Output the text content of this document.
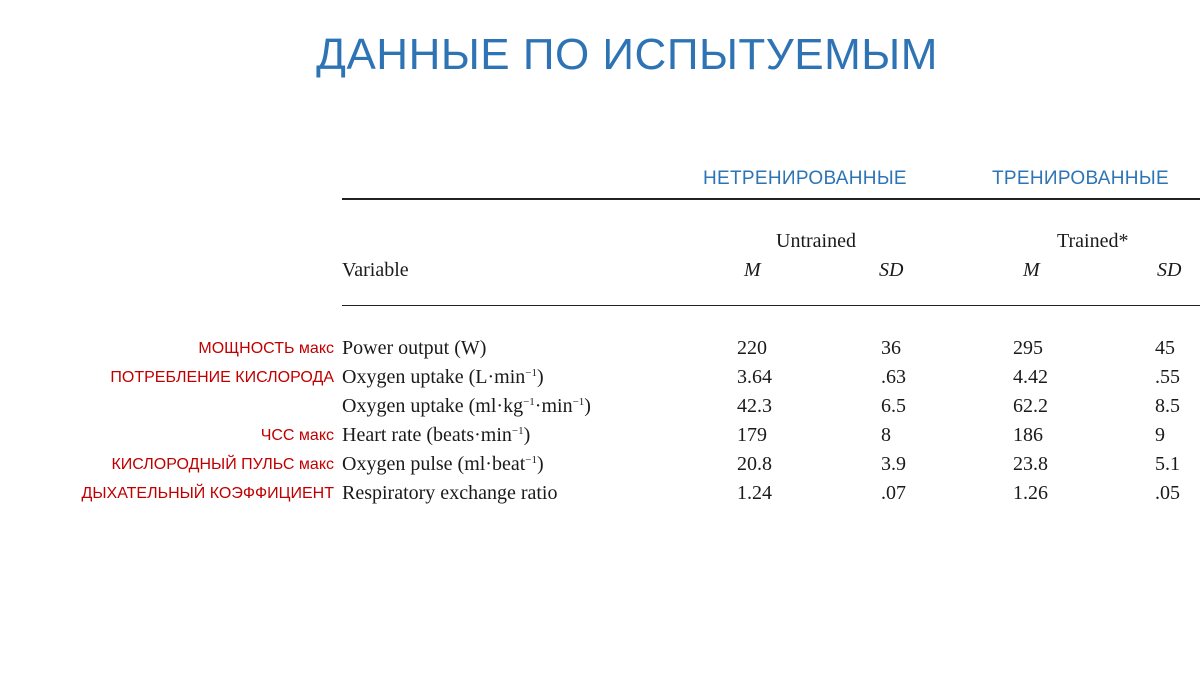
ДАННЫЕ ПО ИСПЫТУЕМЫМ
НЕТРЕНИРОВАННЫЕ	ТРЕНИРОВАННЫЕ
Untrained	Trained*
Variable	M	SD	M	SD
МОЩНОСТЬ макс Power output (W)	220	36	295	45
ПОТРЕБЛЕНИЕ КИСЛОРОДА Oxygen uptake $(L\cdot\min^{-1})$	3.64	.63	4.42	.55
Oxygen uptake $(ml\cdot kg^{-1}\cdot\min^{-1})$	42.3	6.5	62.2	8.5
ЧСС макс Heart rate $(beats\cdot\min^{-1})$	179	8	186	9
КИСЛОРОДНЫЙ ПУЛЬС макс Oxygen pulse (ml·beat$^{-1}$)	20.8	3.9	23.8	5.1
ДЫХАТЕЛЬНЫЙ КОЭФФИЦИЕНТ Respiratory exchange ratio	1.24	.07	1.26	.05
